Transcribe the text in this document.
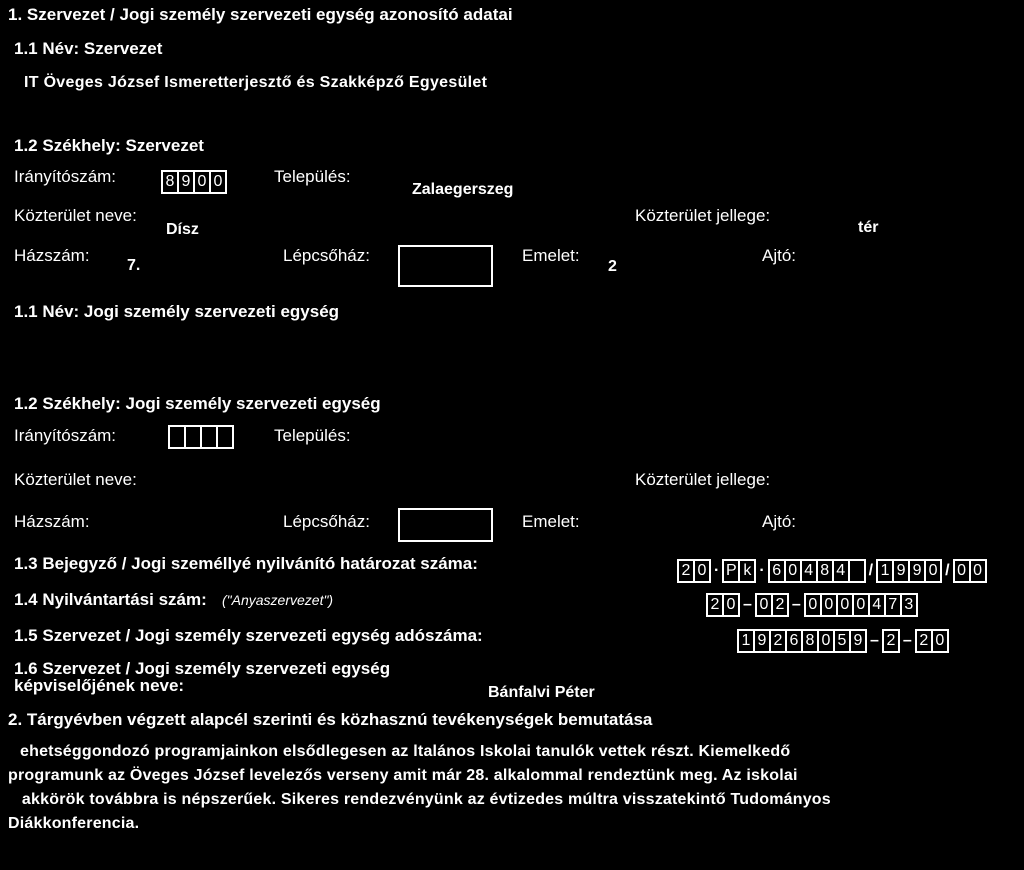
1. Szervezet / Jogi személy szervezeti egység azonosító adatai
1.1 Név: Szervezet
IT Öveges József Ismeretterjesztő és Szakképző Egyesület
1.2 Székhely: Szervezet
Irányítószám:	8 9 0 0	Település:
Zalaegerszeg
Közterület neve:
Dísz
Közterület jellege:
tér
Házszám:
7.
Lépcsőház:	Emelet:
2
Ajtó:
1.1 Név: Jogi személy szervezeti egység
1.2 Székhely: Jogi személy szervezeti egység
Irányítószám:	Település:
Közterület neve:	Közterület jellege:
Házszám:	Lépcsőház:	Emelet:	Ajtó:
1.3 Bejegyző / Jogi személlyé nyilvánító határozat száma:	2 0 · P k · 6 0 4 8 4 / 1 9 9 0 / 0 0
1.4 Nyilvántartási szám: ("Anyaszervezet")	2 0 – 0 2 – 0 0 0 0 4 7 3
1.5 Szervezet / Jogi személy szervezeti egység adószáma:	1 9 2 6 8 0 5 9 – 2 – 2 0
1.6 Szervezet / Jogi személy szervezeti egység
képviselőjének neve:	Bánfalvi Péter
2. Tárgyévben végzett alapcél szerinti és közhasznú tevékenységek bemutatása
ehetséggondozó programjainkon elsődlegesen az ltalános Iskolai tanulók vettek részt. Kiemelkedő
programunk az Öveges József levelezős verseny amit már 28. alkalommal rendeztünk meg. Az iskolai
akkörök továbbra is népszerűek. Sikeres rendezvényünk az évtizedes múltra visszatekintő Tudományos
Diákkonferencia.
